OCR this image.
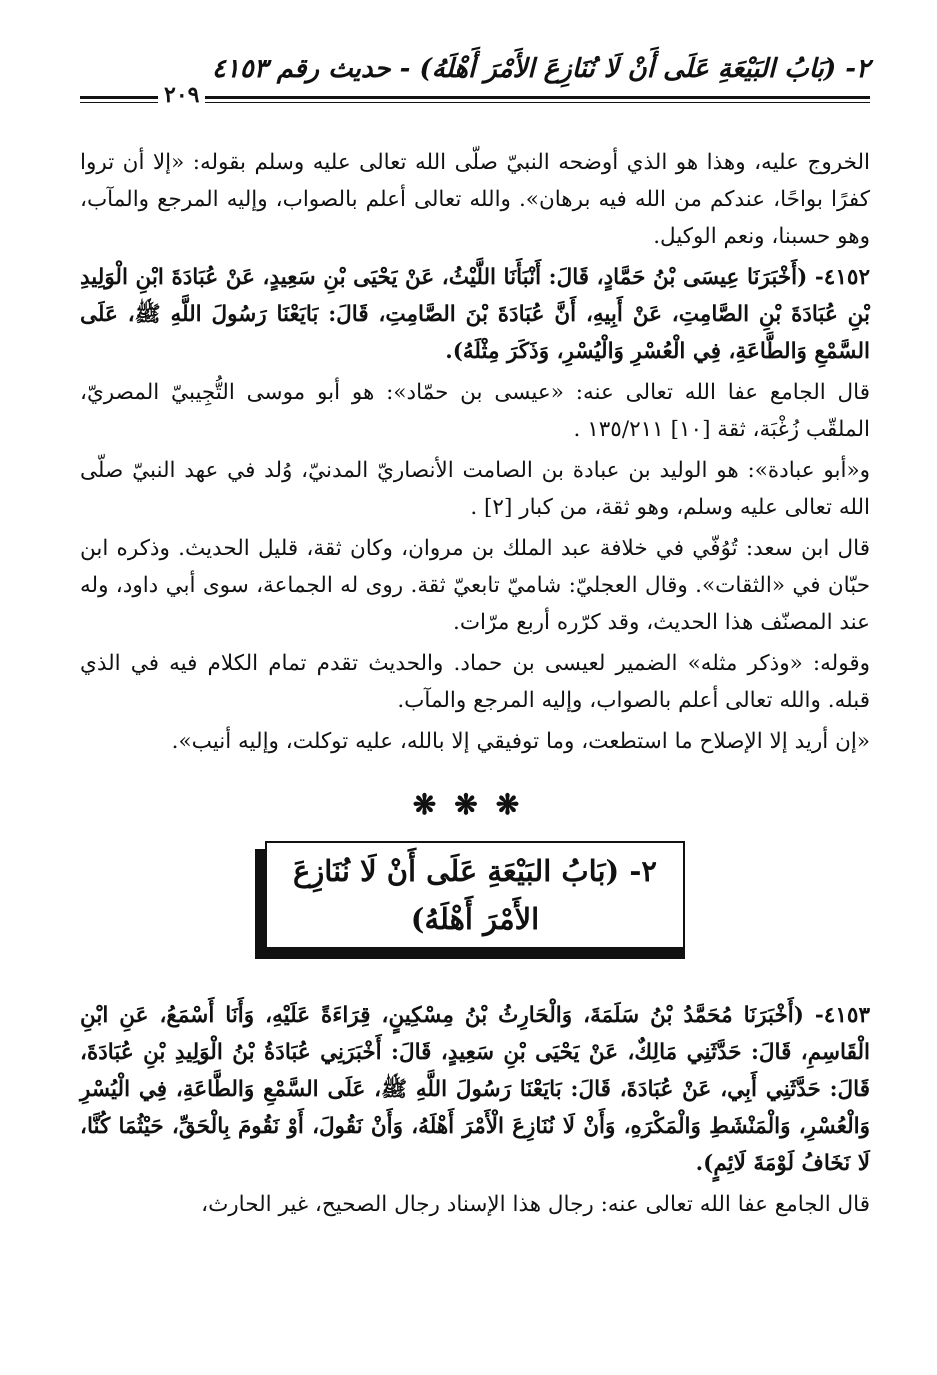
٢- (بَابُ البَيْعَةِ عَلَى أَنْ لَا نُنَازِعَ الأَمْرَ أَهْلَهُ) - حديث رقم ٤١٥٣
٢٠٩

الخروج عليه، وهذا هو الذي أوضحه النبيّ صلّى الله تعالى عليه وسلم بقوله: «إلا أن تروا كفرًا بواحًا، عندكم من الله فيه برهان». والله تعالى أعلم بالصواب، وإليه المرجع والمآب، وهو حسبنا، ونعم الوكيل.

٤١٥٢- (أَخْبَرَنَا عِيسَى بْنُ حَمَّادٍ، قَالَ: أَنْبَأَنَا اللَّيْثُ، عَنْ يَحْيَى بْنِ سَعِيدٍ، عَنْ عُبَادَةَ ابْنِ الْوَلِيدِ بْنِ عُبَادَةَ بْنِ الصَّامِتِ، عَنْ أَبِيهِ، أَنَّ عُبَادَةَ بْنَ الصَّامِتِ، قَالَ: بَايَعْنَا رَسُولَ اللَّهِ ﷺ، عَلَى السَّمْعِ وَالطَّاعَةِ، فِي الْعُسْرِ وَالْيُسْرِ، وَذَكَرَ مِثْلَهُ).

قال الجامع عفا الله تعالى عنه: «عيسى بن حمّاد»: هو أبو موسى التُّجِيبيّ المصريّ، الملقّب زُغْبَة، ثقة [١٠] ١٣٥/٢١١ .

و«أبو عبادة»: هو الوليد بن عبادة بن الصامت الأنصاريّ المدنيّ، وُلد في عهد النبيّ صلّى الله تعالى عليه وسلم، وهو ثقة، من كبار [٢] .

قال ابن سعد: تُوُفّي في خلافة عبد الملك بن مروان، وكان ثقة، قليل الحديث. وذكره ابن حبّان في «الثقات». وقال العجليّ: شاميّ تابعيّ ثقة. روى له الجماعة، سوى أبي داود، وله عند المصنّف هذا الحديث، وقد كرّره أربع مرّات.

وقوله: «وذكر مثله» الضمير لعيسى بن حماد. والحديث تقدم تمام الكلام فيه في الذي قبله. والله تعالى أعلم بالصواب، وإليه المرجع والمآب.

«إن أريد إلا الإصلاح ما استطعت، وما توفيقي إلا بالله، عليه توكلت، وإليه أنيب».

❋❋❋
٢- (بَابُ البَيْعَةِ عَلَى أَنْ لَا نُنَازِعَ
الأَمْرَ أَهْلَهُ)

٤١٥٣- (أَخْبَرَنَا مُحَمَّدُ بْنُ سَلَمَةَ، وَالْحَارِثُ بْنُ مِسْكِينٍ، قِرَاءَةً عَلَيْهِ، وَأَنَا أَسْمَعُ، عَنِ ابْنِ الْقَاسِمِ، قَالَ: حَدَّثَنِي مَالِكٌ، عَنْ يَحْيَى بْنِ سَعِيدٍ، قَالَ: أَخْبَرَنِي عُبَادَةُ بْنُ الْوَلِيدِ بْنِ عُبَادَةَ، قَالَ: حَدَّثَنِي أَبِي، عَنْ عُبَادَةَ، قَالَ: بَايَعْنَا رَسُولَ اللَّهِ ﷺ، عَلَى السَّمْعِ وَالطَّاعَةِ، فِي الْيُسْرِ وَالْعُسْرِ، وَالْمَنْشَطِ وَالْمَكْرَهِ، وَأَنْ لَا نُنَازِعَ الْأَمْرَ أَهْلَهُ، وَأَنْ نَقُولَ، أَوْ نَقُومَ بِالْحَقِّ، حَيْثُمَا كُنَّا، لَا نَخَافُ لَوْمَةَ لَائِمٍ).

قال الجامع عفا الله تعالى عنه: رجال هذا الإسناد رجال الصحيح، غير الحارث،
